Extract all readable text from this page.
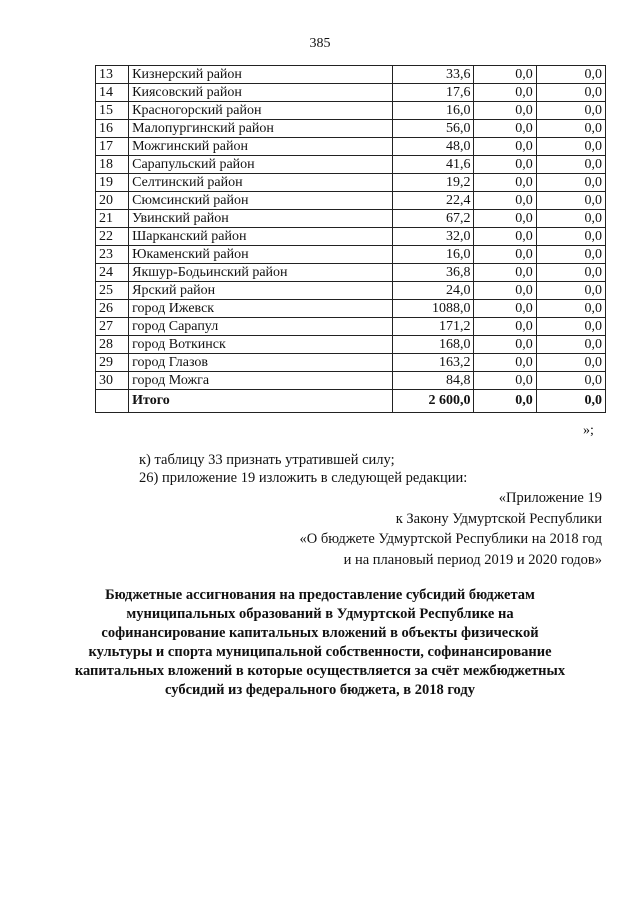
385
13	Кизнерский район	33,6	0,0	0,0
14	Киясовский район	17,6	0,0	0,0
15	Красногорский район	16,0	0,0	0,0
16	Малопургинский район	56,0	0,0	0,0
17	Можгинский район	48,0	0,0	0,0
18	Сарапульский район	41,6	0,0	0,0
19	Селтинский район	19,2	0,0	0,0
20	Сюмсинский район	22,4	0,0	0,0
21	Увинский район	67,2	0,0	0,0
22	Шарканский район	32,0	0,0	0,0
23	Юкаменский район	16,0	0,0	0,0
24	Якшур-Бодьинский район	36,8	0,0	0,0
25	Ярский район	24,0	0,0	0,0
26	город Ижевск	1088,0	0,0	0,0
27	город Сарапул	171,2	0,0	0,0
28	город Воткинск	168,0	0,0	0,0
29	город Глазов	163,2	0,0	0,0
30	город Можга	84,8	0,0	0,0
	Итого	2 600,0	0,0	0,0
»;
к) таблицу 33 признать утратившей силу;
26) приложение 19 изложить в следующей редакции:
«Приложение 19
к Закону Удмуртской Республики
«О бюджете Удмуртской Республики на 2018 год
и на плановый период 2019 и 2020 годов»
Бюджетные ассигнования на предоставление субсидий бюджетам
муниципальных образований в Удмуртской Республике на
софинансирование капитальных вложений в объекты физической
культуры и спорта муниципальной собственности, софинансирование
капитальных вложений в которые осуществляется за счёт межбюджетных
субсидий из федерального бюджета, в 2018 году
